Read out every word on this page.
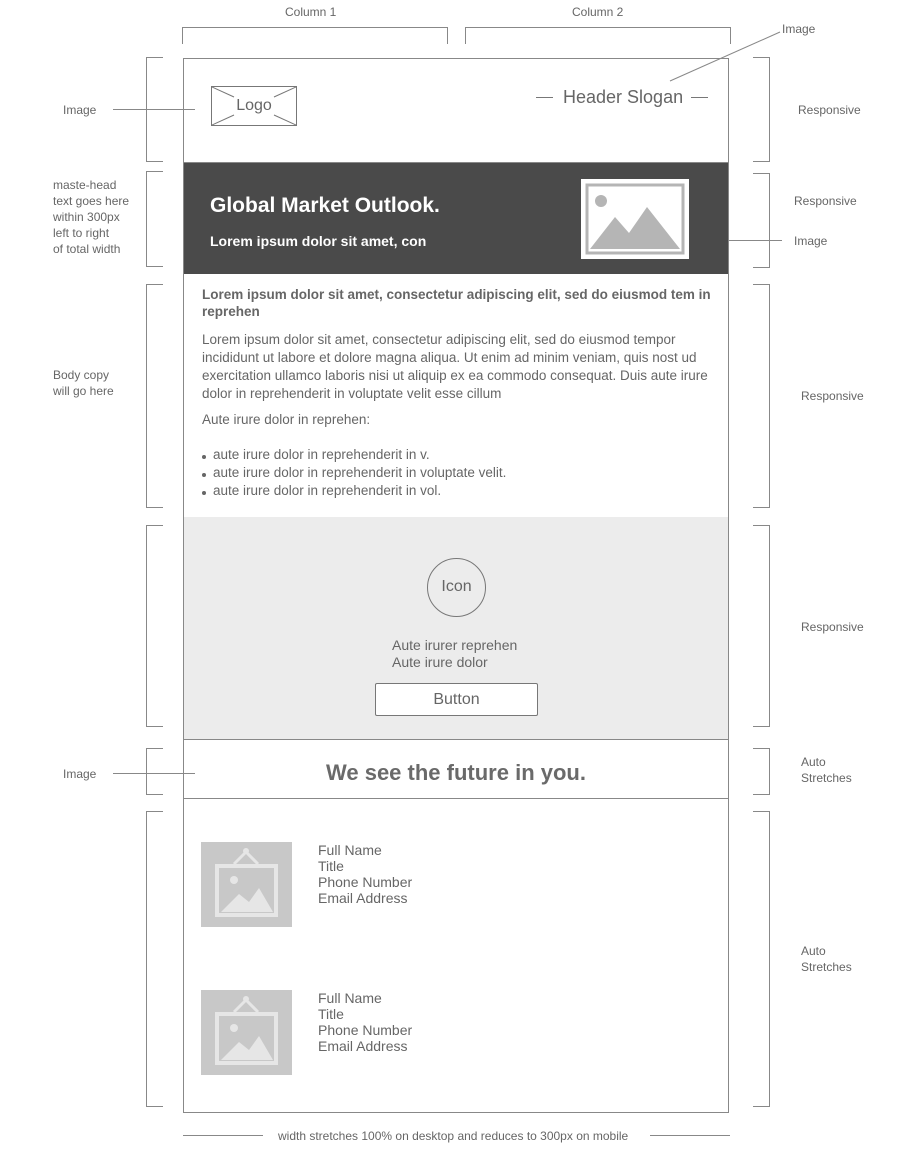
Column 1	Column 2
Image
maste-head
text goes here
within 300px
left to right
of total width
Body copy
will go here
Image
Image
Responsive
Responsive
Image
Responsive
Responsive
Auto
Stretches
Auto
Stretches
Logo	Header Slogan
Global Market Outlook.
Lorem ipsum dolor sit amet, con
Lorem ipsum dolor sit amet, consectetur adipiscing elit, sed do eiusmod tem in reprehen
Lorem ipsum dolor sit amet, consectetur adipiscing elit, sed do eiusmod tempor incididunt ut labore et dolore magna aliqua. Ut enim ad minim veniam, quis nost ud exercitation ullamco laboris nisi ut aliquip ex ea commodo consequat. Duis aute irure dolor in reprehenderit in voluptate velit esse cillum
Aute irure dolor in reprehen:
aute irure dolor in reprehenderit in v.
aute irure dolor in reprehenderit in voluptate velit.
aute irure dolor in reprehenderit in vol.
Icon
Aute irurer reprehen
Aute irure dolor
Button
We see the future in you.
Full Name
Title
Phone Number
Email Address
Full Name
Title
Phone Number
Email Address
width stretches 100% on desktop and reduces to 300px on mobile
